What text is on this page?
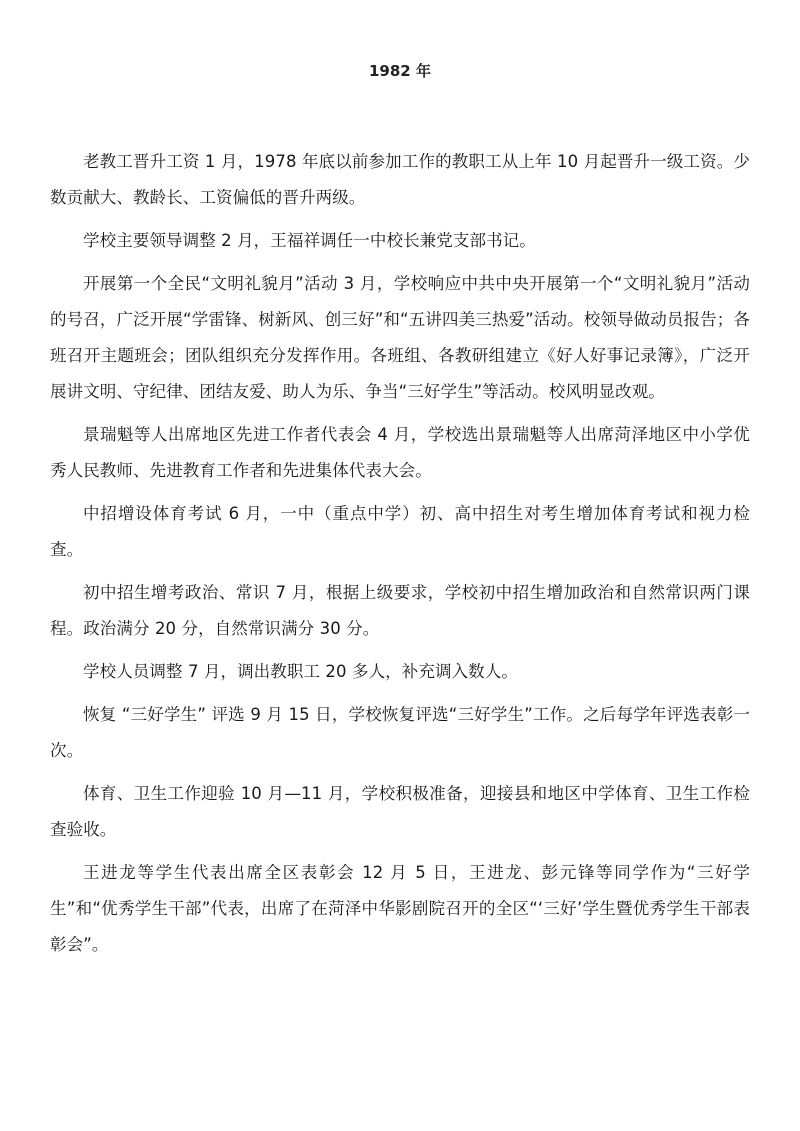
1982 年

老教工晋升工资 1 月，1978 年底以前参加工作的教职工从上年 10 月起晋升一级工资。少数贡献大、教龄长、工资偏低的晋升两级。

学校主要领导调整 2 月，王福祥调任一中校长兼党支部书记。

开展第一个全民“文明礼貌月”活动 3 月，学校响应中共中央开展第一个“文明礼貌月”活动的号召，广泛开展“学雷锋、树新风、创三好”和“五讲四美三热爱”活动。校领导做动员报告；各班召开主题班会；团队组织充分发挥作用。各班组、各教研组建立《好人好事记录簿》，广泛开展讲文明、守纪律、团结友爱、助人为乐、争当“三好学生”等活动。校风明显改观。

景瑞魁等人出席地区先进工作者代表会 4 月，学校选出景瑞魁等人出席菏泽地区中小学优秀人民教师、先进教育工作者和先进集体代表大会。

中招增设体育考试 6 月，一中（重点中学）初、高中招生对考生增加体育考试和视力检查。

初中招生增考政治、常识 7 月，根据上级要求，学校初中招生增加政治和自然常识两门课程。政治满分 20 分，自然常识满分 30 分。

学校人员调整 7 月，调出教职工 20 多人，补充调入数人。

恢复 “三好学生” 评选 9 月 15 日，学校恢复评选“三好学生”工作。之后每学年评选表彰一次。

体育、卫生工作迎验 10 月—11 月，学校积极准备，迎接县和地区中学体育、卫生工作检查验收。

王进龙等学生代表出席全区表彰会 12 月 5 日，王进龙、彭元锋等同学作为“三好学生”和“优秀学生干部”代表，出席了在菏泽中华影剧院召开的全区“‘三好’学生暨优秀学生干部表彰会”。
